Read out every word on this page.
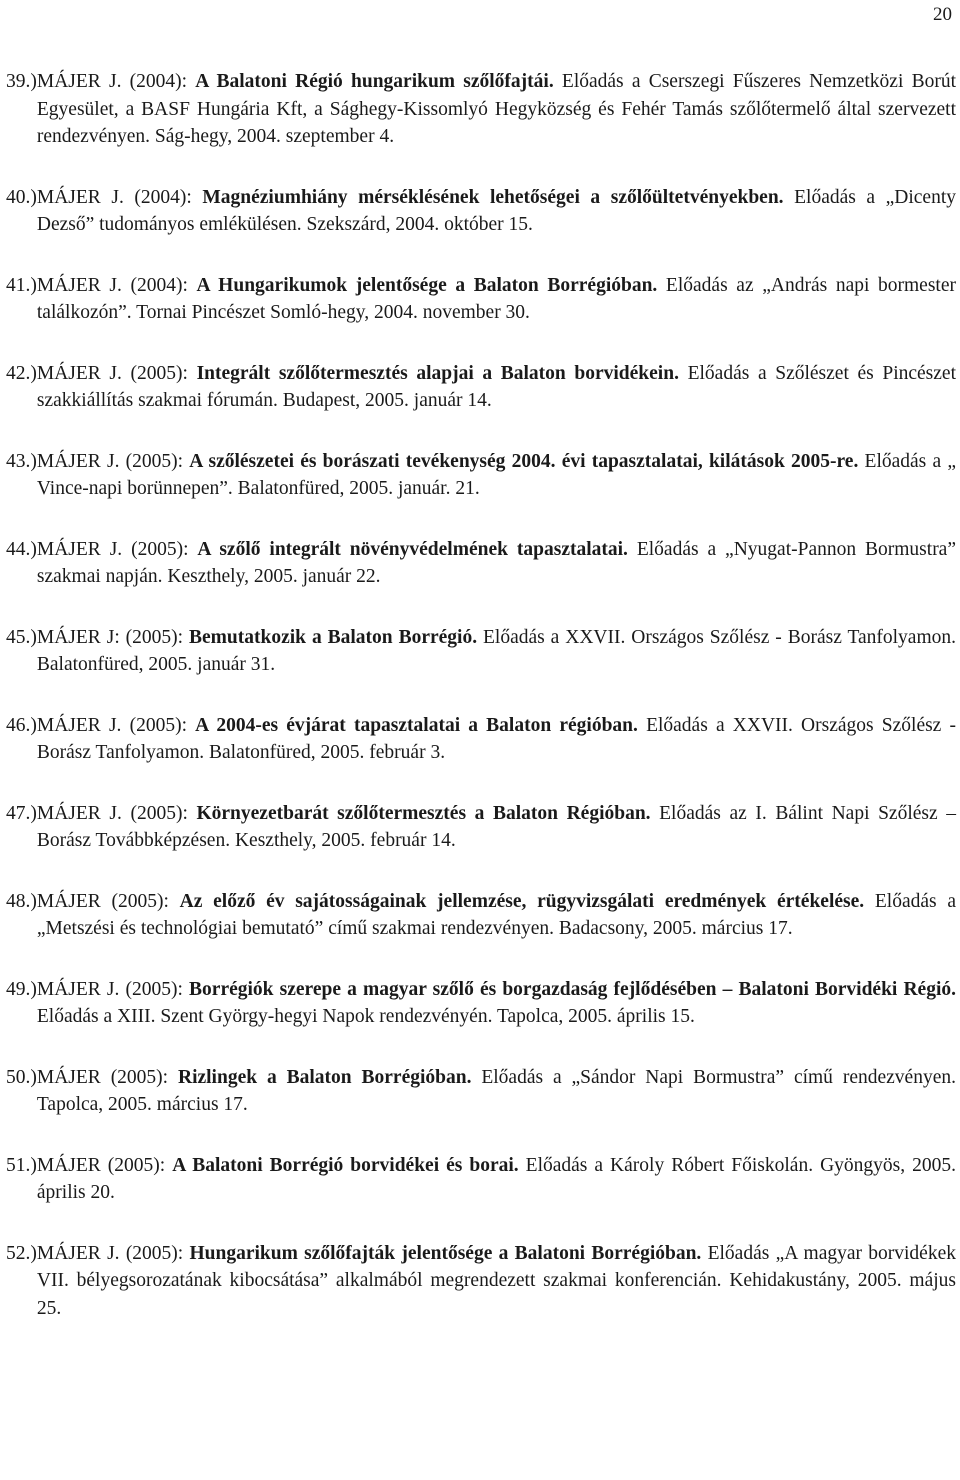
20
39.) MÁJER J. (2004): A Balatoni Régió hungarikum szőlőfajtái. Előadás a Cserszegi Fűszeres Nemzetközi Borút Egyesület, a BASF Hungária Kft, a Sághegy-Kissomlyó Hegyközség és Fehér Tamás szőlőtermelő által szervezett rendezvényen. Ság-hegy, 2004. szeptember 4.
40.) MÁJER J. (2004): Magnéziumhiány mérséklésének lehetőségei a szőlőültetvényekben. Előadás a „Dicenty Dezső” tudományos emlékülésen. Szekszárd, 2004. október 15.
41.) MÁJER J. (2004): A Hungarikumok jelentősége a Balaton Borrégióban. Előadás az „András napi bormester találkozón”. Tornai Pincészet Somló-hegy, 2004. november 30.
42.) MÁJER J. (2005): Integrált szőlőtermesztés alapjai a Balaton borvidékein. Előadás a Szőlészet és Pincészet szakkiállítás szakmai fórumán. Budapest, 2005. január 14.
43.) MÁJER J. (2005): A szőlészetei és borászati tevékenység 2004. évi tapasztalatai, kilátások 2005-re. Előadás a „ Vince-napi borünnepen”. Balatonfüred, 2005. január. 21.
44.) MÁJER J. (2005): A szőlő integrált növényvédelmének tapasztalatai. Előadás a „Nyugat-Pannon Bormustra” szakmai napján. Keszthely, 2005. január 22.
45.) MÁJER J: (2005): Bemutatkozik a Balaton Borrégió. Előadás a XXVII. Országos Szőlész - Borász Tanfolyamon. Balatonfüred, 2005. január 31.
46.) MÁJER J. (2005): A 2004-es évjárat tapasztalatai a Balaton régióban. Előadás a XXVII. Országos Szőlész - Borász Tanfolyamon. Balatonfüred, 2005. február 3.
47.) MÁJER J. (2005): Környezetbarát szőlőtermesztés a Balaton Régióban. Előadás az I. Bálint Napi Szőlész – Borász Továbbképzésen. Keszthely, 2005. február 14.
48.) MÁJER (2005): Az előző év sajátosságainak jellemzése, rügyvizsgálati eredmények értékelése. Előadás a „Metszési és technológiai bemutató” című szakmai rendezvényen. Badacsony, 2005. március 17.
49.) MÁJER J. (2005): Borrégiók szerepe a magyar szőlő és borgazdaság fejlődésében – Balatoni Borvidéki Régió. Előadás a XIII. Szent György-hegyi Napok rendezvényén. Tapolca, 2005. április 15.
50.) MÁJER (2005): Rizlingek a Balaton Borrégióban. Előadás a „Sándor Napi Bormustra” című rendezvényen. Tapolca, 2005. március 17.
51.) MÁJER (2005): A Balatoni Borrégió borvidékei és borai. Előadás a Károly Róbert Főiskolán. Gyöngyös, 2005. április 20.
52.) MÁJER J. (2005): Hungarikum szőlőfajták jelentősége a Balatoni Borrégióban. Előadás „A magyar borvidékek VII. bélyegsorozatának kibocsátása” alkalmából megrendezett szakmai konferencián. Kehidakustány, 2005. május 25.
